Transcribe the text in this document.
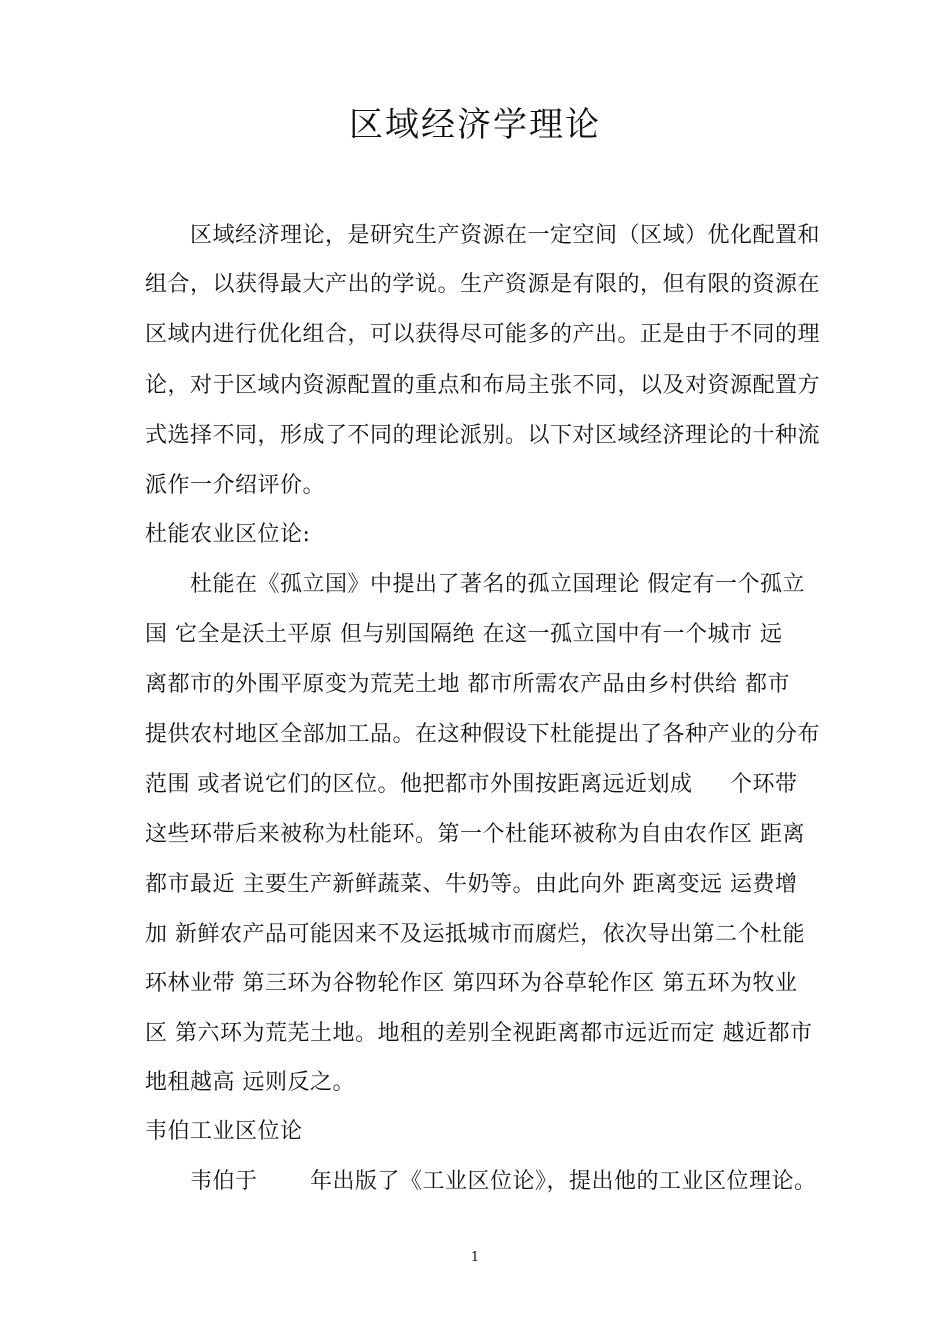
区域经济学理论
区域经济理论，是研究生产资源在一定空间（区域）优化配置和
组合，以获得最大产出的学说。生产资源是有限的，但有限的资源在
区域内进行优化组合，可以获得尽可能多的产出。正是由于不同的理
论，对于区域内资源配置的重点和布局主张不同，以及对资源配置方
式选择不同，形成了不同的理论派别。以下对区域经济理论的十种流
派作一介绍评价。
杜能农业区位论:
杜能在《孤立国》中提出了著名的孤立国理论 假定有一个孤立
国 它全是沃土平原 但与别国隔绝 在这一孤立国中有一个城市 远
离都市的外围平原变为荒芜土地 都市所需农产品由乡村供给 都市
提供农村地区全部加工品。在这种假设下杜能提出了各种产业的分布
范围 或者说它们的区位。他把都市外围按距离远近划成     个环带
这些环带后来被称为杜能环。第一个杜能环被称为自由农作区 距离
都市最近 主要生产新鲜蔬菜、牛奶等。由此向外 距离变远 运费增
加 新鲜农产品可能因来不及运抵城市而腐烂，依次导出第二个杜能
环林业带 第三环为谷物轮作区 第四环为谷草轮作区 第五环为牧业
区 第六环为荒芜土地。地租的差别全视距离都市远近而定 越近都市
地租越高 远则反之。
韦伯工业区位论
韦伯于       年出版了《工业区位论》，提出他的工业区位理论。
1
